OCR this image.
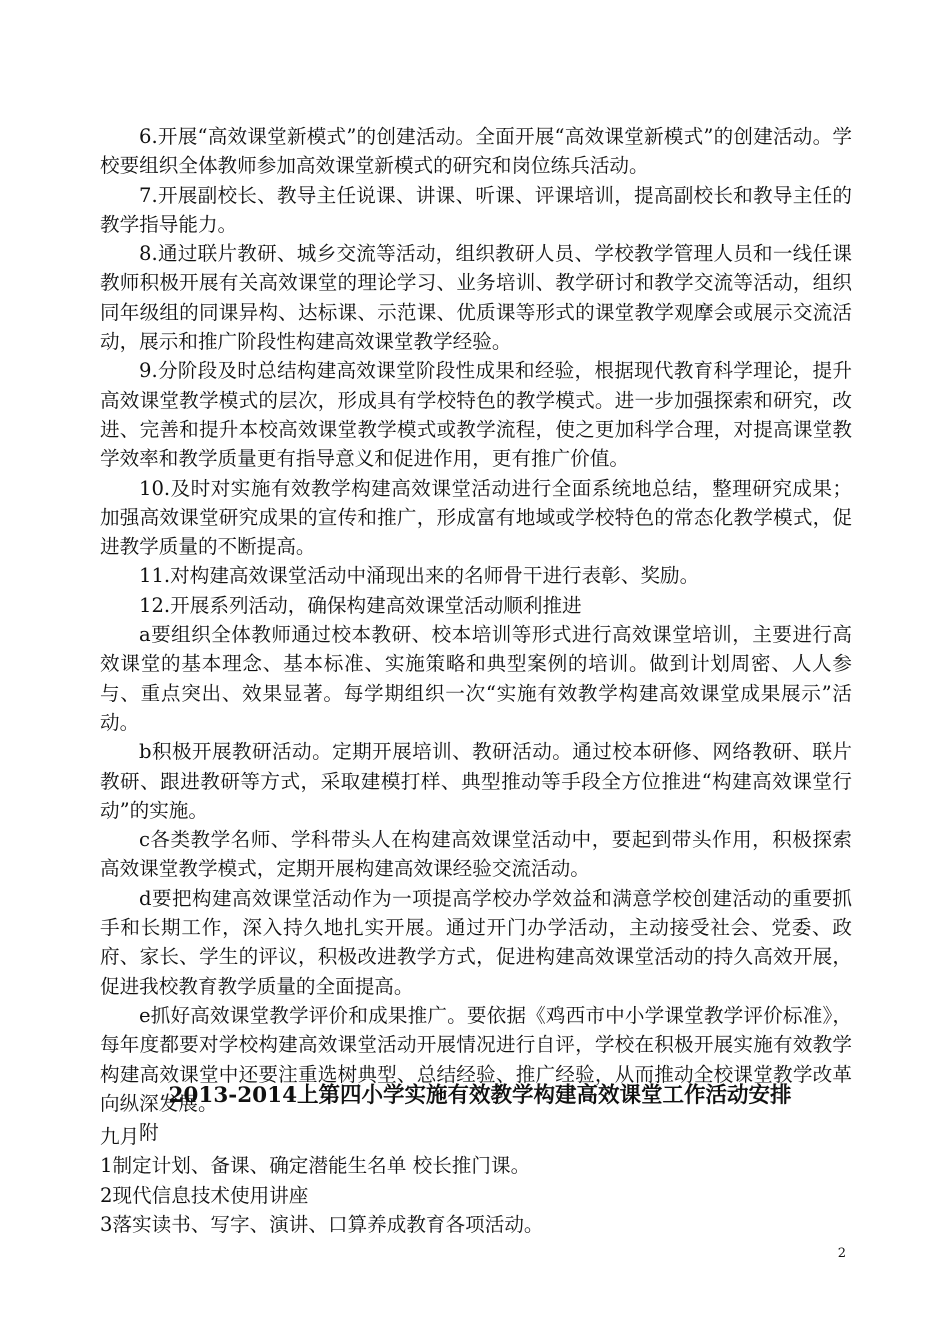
6.开展“高效课堂新模式”的创建活动。全面开展“高效课堂新模式”的创建活动。学校要组织全体教师参加高效课堂新模式的研究和岗位练兵活动。

7.开展副校长、教导主任说课、讲课、听课、评课培训，提高副校长和教导主任的教学指导能力。

8.通过联片教研、城乡交流等活动，组织教研人员、学校教学管理人员和一线任课教师积极开展有关高效课堂的理论学习、业务培训、教学研讨和教学交流等活动，组织同年级组的同课异构、达标课、示范课、优质课等形式的课堂教学观摩会或展示交流活动，展示和推广阶段性构建高效课堂教学经验。

9.分阶段及时总结构建高效课堂阶段性成果和经验，根据现代教育科学理论，提升高效课堂教学模式的层次，形成具有学校特色的教学模式。进一步加强探索和研究，改进、完善和提升本校高效课堂教学模式或教学流程，使之更加科学合理，对提高课堂教学效率和教学质量更有指导意义和促进作用，更有推广价值。

10.及时对实施有效教学构建高效课堂活动进行全面系统地总结，整理研究成果；加强高效课堂研究成果的宣传和推广，形成富有地域或学校特色的常态化教学模式，促进教学质量的不断提高。

11.对构建高效课堂活动中涌现出来的名师骨干进行表彰、奖励。

12.开展系列活动，确保构建高效课堂活动顺利推进

a要组织全体教师通过校本教研、校本培训等形式进行高效课堂培训，主要进行高效课堂的基本理念、基本标准、实施策略和典型案例的培训。做到计划周密、人人参与、重点突出、效果显著。每学期组织一次“实施有效教学构建高效课堂成果展示”活动。

b积极开展教研活动。定期开展培训、教研活动。通过校本研修、网络教研、联片教研、跟进教研等方式，采取建模打样、典型推动等手段全方位推进“构建高效课堂行动”的实施。

c各类教学名师、学科带头人在构建高效课堂活动中，要起到带头作用，积极探索高效课堂教学模式，定期开展构建高效课经验交流活动。

d要把构建高效课堂活动作为一项提高学校办学效益和满意学校创建活动的重要抓手和长期工作，深入持久地扎实开展。通过开门办学活动，主动接受社会、党委、政府、家长、学生的评议，积极改进教学方式，促进构建高效课堂活动的持久高效开展，促进我校教育教学质量的全面提高。

e抓好高效课堂教学评价和成果推广。要依据《鸡西市中小学课堂教学评价标准》，每年度都要对学校构建高效课堂活动开展情况进行自评，学校在积极开展实施有效教学构建高效课堂中还要注重选树典型、总结经验、推广经验，从而推动全校课堂教学改革向纵深发展。

附

2013-2014上第四小学实施有效教学构建高效课堂工作活动安排

九月

1制定计划、备课、确定潜能生名单 校长推门课。

2现代信息技术使用讲座

3落实读书、写字、演讲、口算养成教育各项活动。

2
